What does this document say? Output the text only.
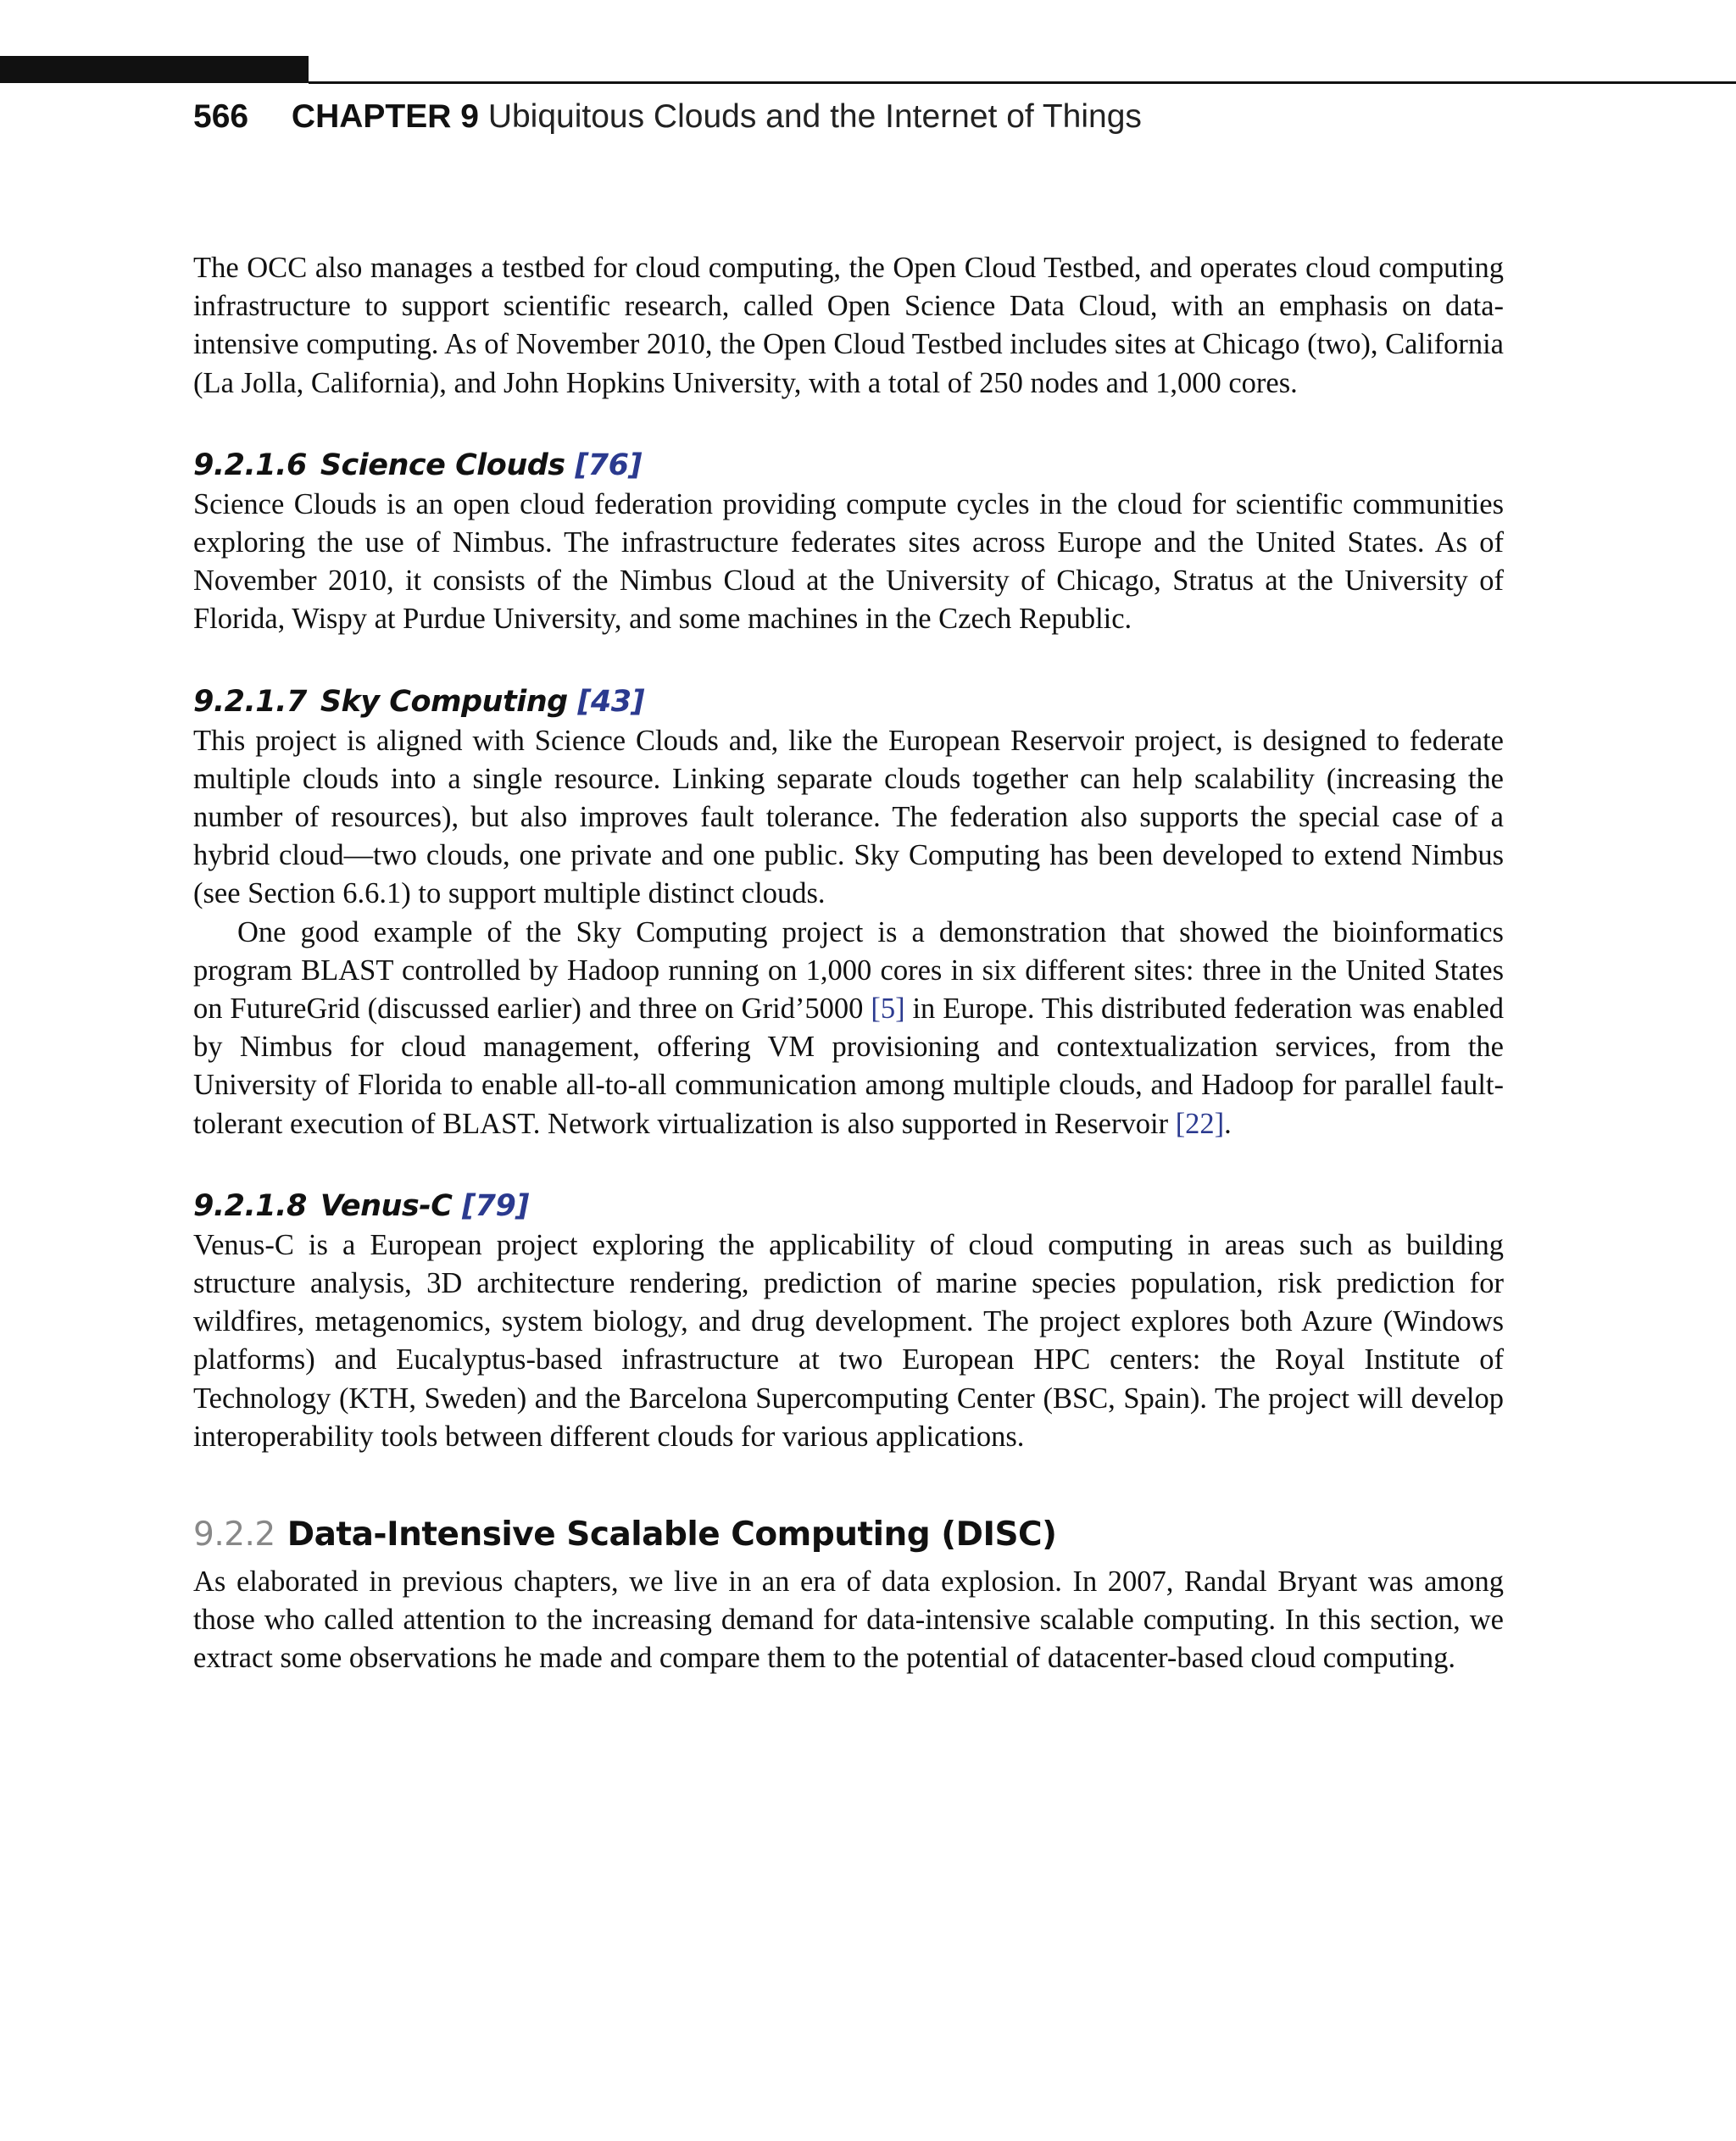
566 CHAPTER 9 Ubiquitous Clouds and the Internet of Things

The OCC also manages a testbed for cloud computing, the Open Cloud Testbed, and operates cloud computing infrastructure to support scientific research, called Open Science Data Cloud, with an emphasis on data-intensive computing. As of November 2010, the Open Cloud Testbed includes sites at Chicago (two), California (La Jolla, California), and John Hopkins University, with a total of 250 nodes and 1,000 cores.

9.2.1.6 Science Clouds [76]

Science Clouds is an open cloud federation providing compute cycles in the cloud for scientific communities exploring the use of Nimbus. The infrastructure federates sites across Europe and the United States. As of November 2010, it consists of the Nimbus Cloud at the University of Chicago, Stratus at the University of Florida, Wispy at Purdue University, and some machines in the Czech Republic.

9.2.1.7 Sky Computing [43]

This project is aligned with Science Clouds and, like the European Reservoir project, is designed to federate multiple clouds into a single resource. Linking separate clouds together can help scalability (increasing the number of resources), but also improves fault tolerance. The federation also supports the special case of a hybrid cloud—two clouds, one private and one public. Sky Computing has been developed to extend Nimbus (see Section 6.6.1) to support multiple distinct clouds.

One good example of the Sky Computing project is a demonstration that showed the bioinformatics program BLAST controlled by Hadoop running on 1,000 cores in six different sites: three in the United States on FutureGrid (discussed earlier) and three on Grid’5000 [5] in Europe. This distributed federation was enabled by Nimbus for cloud management, offering VM provisioning and contextualization services, from the University of Florida to enable all-to-all communication among multiple clouds, and Hadoop for parallel fault-tolerant execution of BLAST. Network virtualization is also supported in Reservoir [22].

9.2.1.8 Venus-C [79]

Venus-C is a European project exploring the applicability of cloud computing in areas such as building structure analysis, 3D architecture rendering, prediction of marine species population, risk prediction for wildfires, metagenomics, system biology, and drug development. The project explores both Azure (Windows platforms) and Eucalyptus-based infrastructure at two European HPC centers: the Royal Institute of Technology (KTH, Sweden) and the Barcelona Supercomputing Center (BSC, Spain). The project will develop interoperability tools between different clouds for various applications.

9.2.2 Data-Intensive Scalable Computing (DISC)

As elaborated in previous chapters, we live in an era of data explosion. In 2007, Randal Bryant was among those who called attention to the increasing demand for data-intensive scalable computing. In this section, we extract some observations he made and compare them to the potential of datacenter-based cloud computing.
